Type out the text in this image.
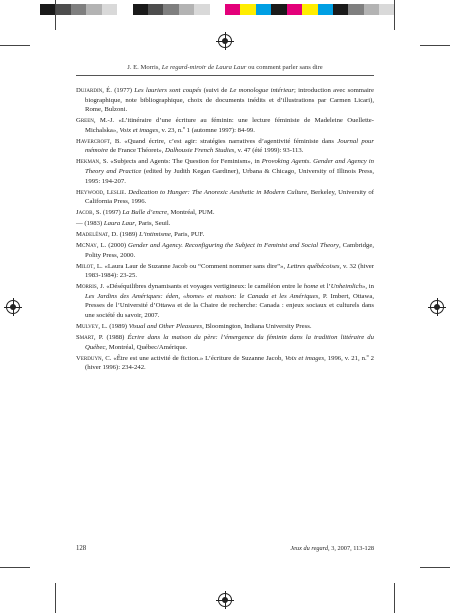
J. E. Morris, Le regard-miroir de Laura Laur ou comment parler sans dire

Dujardin, É. (1977) Les lauriers sont coupés (suivi de Le monologue intérieur; introduction avec sommaire biographique, note bibliographique, choix de documents inédits et d’illustrations par Carmen Licari), Rome, Bulzoni.

Green, M.-J. «L’itinéraire d’une écriture au féminin: une lecture féministe de Madeleine Ouellette-Michalska», Voix et images, v. 23, n.º 1 (automne 1997): 84-99.

Havercroft, B. «Quand écrire, c’est agir: stratégies narratives d’agentivité féministe dans Journal pour mémoire de France Théoret», Dalhousie French Studies, v. 47 (été 1999): 93-113.

Hekman, S. «Subjects and Agents: The Question for Feminism», in Provoking Agents. Gender and Agency in Theory and Practice (edited by Judith Kegan Gardiner), Urbana & Chicago, University of Illinois Press, 1995: 194-207.

Heywood, Leslie. Dedication to Hunger: The Anorexic Aesthetic in Modern Culture, Berkeley, University of California Press, 1996.

Jacob, S. (1997) La Bulle d’encre, Montréal, PUM.

— (1983) Laura Laur, Paris, Seuil.

Madelénat, D. (1989) L’intimisme, Paris, PUF.

McNay, L. (2000) Gender and Agency. Reconfiguring the Subject in Feminist and Social Theory, Cambridge, Polity Press, 2000.

Milot, L. «Laura Laur de Suzanne Jacob ou “Comment nommer sans dire”», Lettres québécoises, v. 32 (hiver 1983-1984): 23-25.

Morris, J. «Déséquilibres dynamisants et voyages vertigineux: le caméléon entre le home et l’Unheimlich», in Les Jardins des Amériques: éden, «home» et maison: le Canada et les Amériques, P. Imbert, Ottawa, Presses de l’Université d’Ottawa et de la Chaire de recherche: Canada : enjeux sociaux et culturels dans une société du savoir, 2007.

Mulvey, L. (1989) Visual and Other Pleasures, Bloomington, Indiana University Press.

Smart, P. (1988) Écrire dans la maison du père: l’émergence du féminin dans la tradition littéraire du Québec, Montréal, Québec/Amérique.

Verduyn, C. «Être est une activité de fiction.» L’écriture de Suzanne Jacob, Voix et images, 1996, v. 21, n.º 2 (hiver 1996): 234-242.

128	Jeux du regard, 3, 2007, 113-128
